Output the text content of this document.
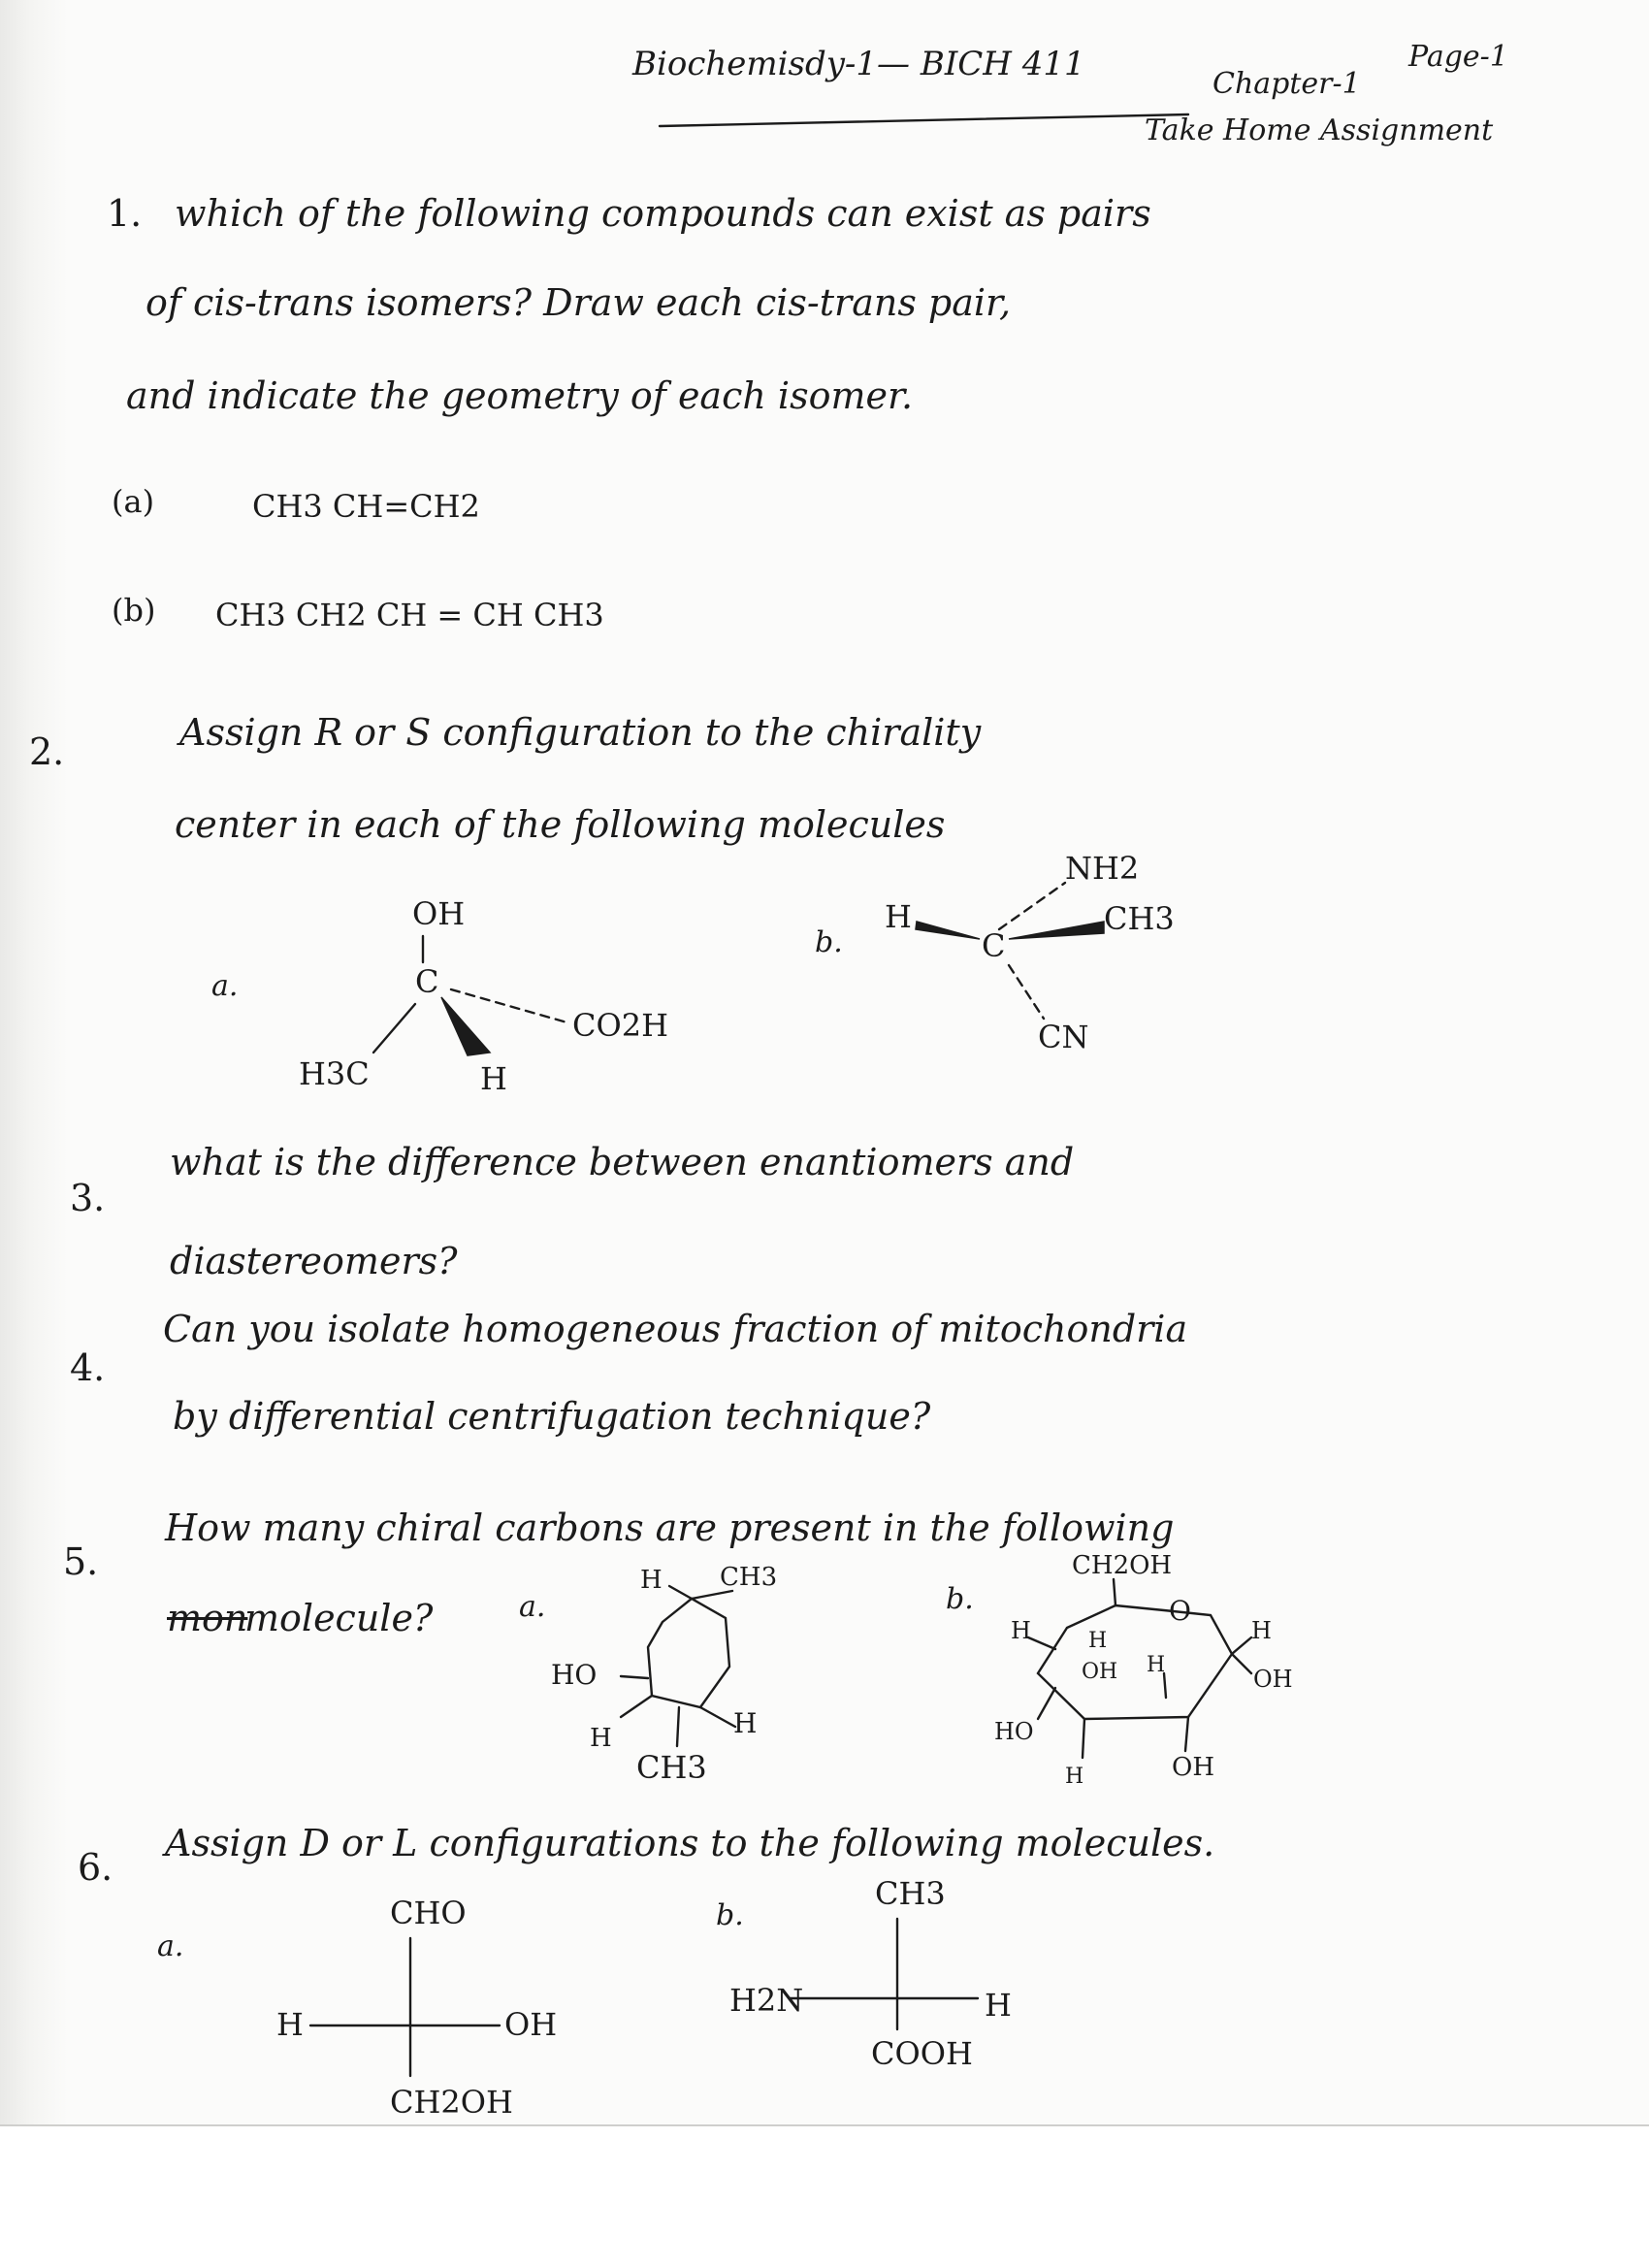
Biochemisdy-1— BICH 411
Chapter-1
Page-1
Take Home Assignment
1. which of the following compounds can exist as pairs
of cis-trans isomers? Draw each cis-trans pair,
and indicate the geometry of each isomer.
(a)	CH3 CH=CH2
(b) CH3 CH2 CH = CH CH3
2.	Assign R or S configuration to the chirality
center in each of the following molecules
a.
OH
C
CO2H
H3C	H
b.
H
C
NH2
CH3
CN
3.
what is the difference between enantiomers and
diastereomers?
4.
Can you isolate homogeneous fraction of mitochondria
by differential centrifugation technique?
5.
How many chiral carbons are present in the following
mon
molecule?	a.
H CH3
HO
H	H
CH3
b.
CH2OH
O
H	H
OH H
H
OH
HO
H	OH
6.
Assign D or L configurations to the following molecules.
a.
CHO
H	OH
CH2OH
b.
CH3
H2N	H
COOH
